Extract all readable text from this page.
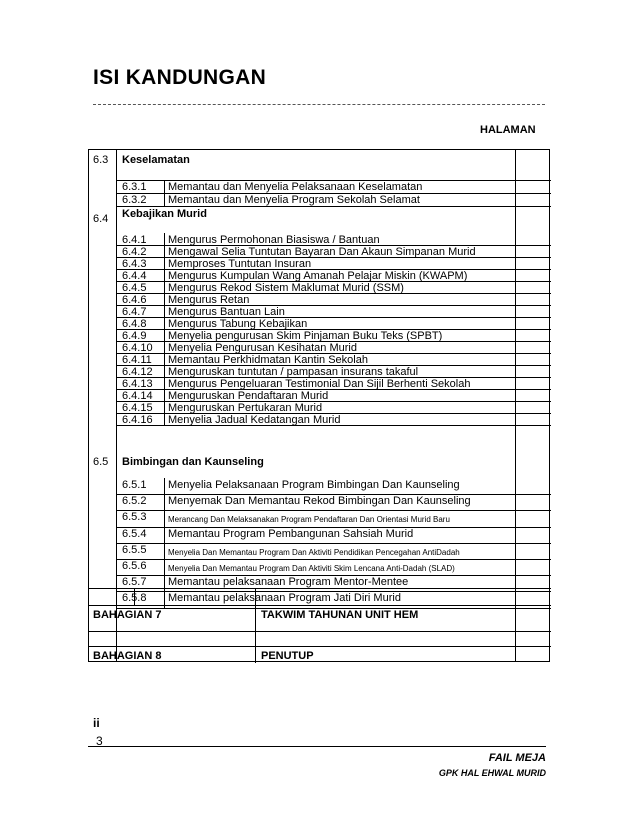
ISI KANDUNGAN
HALAMAN
6.3 Keselamatan
6.3.1 Memantau dan Menyelia Pelaksanaan Keselamatan
6.3.2 Memantau dan Menyelia Program Sekolah Selamat
6.4 Kebajikan Murid
6.4.1 Mengurus Permohonan Biasiswa / Bantuan
6.4.2 Mengawal Selia Tuntutan Bayaran Dan Akaun Simpanan Murid
6.4.3 Memproses Tuntutan Insuran
6.4.4 Mengurus Kumpulan Wang Amanah Pelajar Miskin (KWAPM)
6.4.5 Mengurus Rekod Sistem Maklumat Murid (SSM)
6.4.6 Mengurus Retan
6.4.7 Mengurus Bantuan Lain
6.4.8 Mengurus Tabung Kebajikan
6.4.9 Menyelia pengurusan Skim Pinjaman Buku Teks (SPBT)
6.4.10 Menyelia Pengurusan Kesihatan Murid
6.4.11 Memantau Perkhidmatan Kantin Sekolah
6.4.12 Menguruskan tuntutan / pampasan insurans takaful
6.4.13 Mengurus Pengeluaran Testimonial Dan Sijil Berhenti Sekolah
6.4.14 Menguruskan Pendaftaran Murid
6.4.15 Menguruskan Pertukaran Murid
6.4.16 Menyelia Jadual Kedatangan Murid
6.5 Bimbingan dan Kaunseling
6.5.1 Menyelia Pelaksanaan Program Bimbingan Dan Kaunseling
6.5.2 Menyemak Dan Memantau Rekod Bimbingan Dan Kaunseling
6.5.3	Merancang Dan Melaksanakan Program Pendaftaran Dan Orientasi Murid Baru
6.5.4 Memantau Program Pembangunan Sahsiah Murid
6.5.5	Menyelia Dan Memantau Program Dan Aktiviti Pendidikan Pencegahan AntiDadah
6.5.6	Menyelia Dan Memantau Program Dan Aktiviti Skim Lencana Anti-Dadah (SLAD)
6.5.7 Memantau pelaksanaan Program Mentor-Mentee
6.5.8 Memantau pelaksanaan Program Jati Diri Murid
BAHAGIAN 7	TAKWIM TAHUNAN UNIT HEM
BAHAGIAN 8	PENUTUP
ii
3
FAIL MEJA
GPK HAL EHWAL MURID
